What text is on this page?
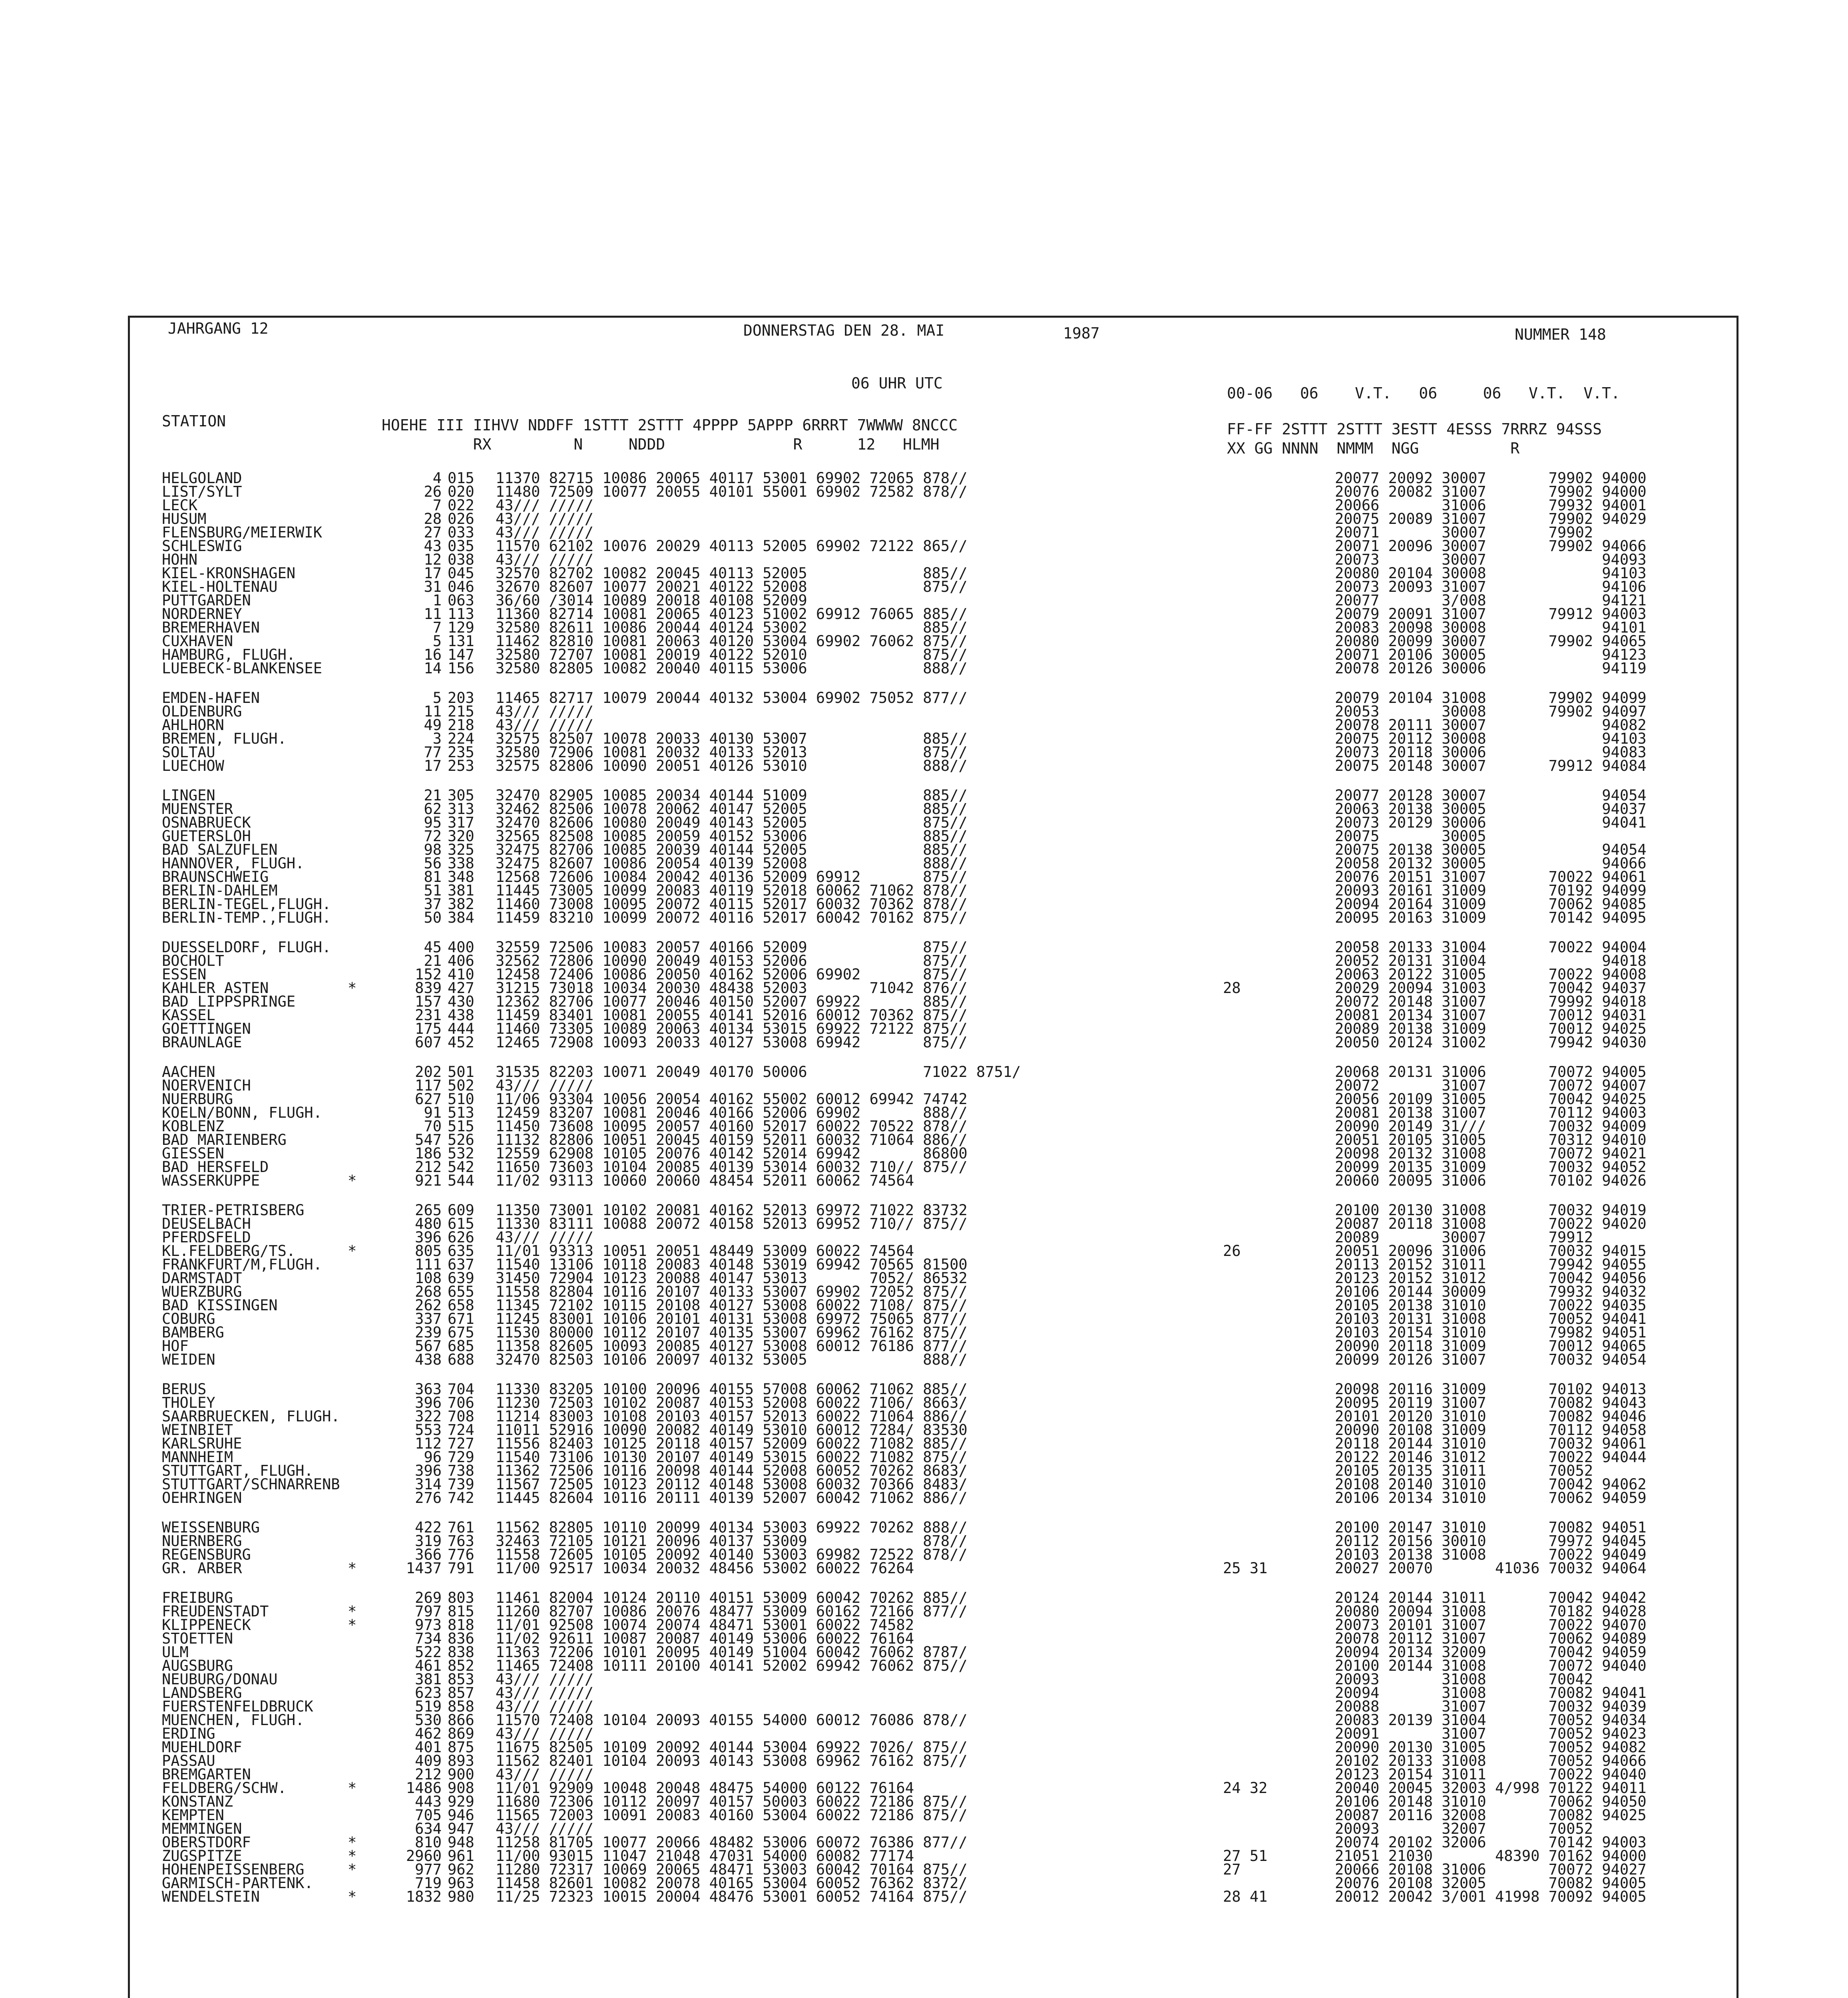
JAHRGANG 12	DONNERSTAG DEN 28. MAI	1987	NUMMER 148
06 UHR UTC
00-06   06    V.T.   06     06   V.T.  V.T.
STATION	HOEHE III IIHVV NDDFF 1STTT 2STTT 4PPPP 5APPP 6RRRT 7WWWW 8NCCC
RX         N     NDDD              R      12   HLMH
FF-FF 2STTT 2STTT 3ESTT 4ESSS 7RRRZ 94SSS
XX GG NNNN  NMMM  NGG          R
HELGOLAND	4 015 11370 82715 10086 20065 40117 53001 69902 72065 878//	20077 20092 30007       79902 94000
LIST/SYLT	26 020 11480 72509 10077 20055 40101 55001 69902 72582 878//	20076 20082 31007       79902 94000
LECK	7 022 43/// /////	20066       31006       79932 94001
HUSUM	28 026 43/// /////	20075 20089 31007       79902 94029
FLENSBURG/MEIERWIK	27 033 43/// /////	20071       30007       79902
SCHLESWIG	43 035 11570 62102 10076 20029 40113 52005 69902 72122 865//	20071 20096 30007       79902 94066
HOHN	12 038 43/// /////	20073       30007             94093
KIEL-KRONSHAGEN	17 045 32570 82702 10082 20045 40113 52005             885//	20080 20104 30008             94103
KIEL-HOLTENAU	31 046 32670 82607 10077 20021 40122 52008             875//	20073 20093 31007             94106
PUTTGARDEN	1 063 36/60 /3014 10089 20018 40108 52009	20077       3/008             94121
NORDERNEY	11 113 11360 82714 10081 20065 40123 51002 69912 76065 885//	20079 20091 31007       79912 94003
BREMERHAVEN	7 129 32580 82611 10086 20044 40124 53002             885//	20083 20098 30008             94101
CUXHAVEN	5 131 11462 82810 10081 20063 40120 53004 69902 76062 875//	20080 20099 30007       79902 94065
HAMBURG, FLUGH.	16 147 32580 72707 10081 20019 40122 52010             875//	20071 20106 30005             94123
LUEBECK-BLANKENSEE	14 156 32580 82805 10082 20040 40115 53006             888//	20078 20126 30006             94119
EMDEN-HAFEN	5 203 11465 82717 10079 20044 40132 53004 69902 75052 877//	20079 20104 31008       79902 94099
OLDENBURG	11 215 43/// /////	20053       30008       79902 94097
AHLHORN	49 218 43/// /////	20078 20111 30007             94082
BREMEN, FLUGH.	3 224 32575 82507 10078 20033 40130 53007             885//	20075 20112 30008             94103
SOLTAU	77 235 32580 72906 10081 20032 40133 52013             875//	20073 20118 30006             94083
LUECHOW	17 253 32575 82806 10090 20051 40126 53010             888//	20075 20148 30007       79912 94084
LINGEN	21 305 32470 82905 10085 20034 40144 51009             885//	20077 20128 30007             94054
MUENSTER	62 313 32462 82506 10078 20062 40147 52005             885//	20063 20138 30005             94037
OSNABRUECK	95 317 32470 82606 10080 20049 40143 52005             875//	20073 20129 30006             94041
GUETERSLOH	72 320 32565 82508 10085 20059 40152 53006             885//	20075       30005
BAD SALZUFLEN	98 325 32475 82706 10085 20039 40144 52005             885//	20075 20138 30005             94054
HANNOVER, FLUGH.	56 338 32475 82607 10086 20054 40139 52008             888//	20058 20132 30005             94066
BRAUNSCHWEIG	81 348 12568 72606 10084 20042 40136 52009 69912       875//	20076 20151 31007       70022 94061
BERLIN-DAHLEM	51 381 11445 73005 10099 20083 40119 52018 60062 71062 878//	20093 20161 31009       70192 94099
BERLIN-TEGEL,FLUGH.	37 382 11460 73008 10095 20072 40115 52017 60032 70362 878//	20094 20164 31009       70062 94085
BERLIN-TEMP.,FLUGH.	50 384 11459 83210 10099 20072 40116 52017 60042 70162 875//	20095 20163 31009       70142 94095
DUESSELDORF, FLUGH.	45 400 32559 72506 10083 20057 40166 52009             875//	20058 20133 31004       70022 94004
BOCHOLT	21 406 32562 72806 10090 20049 40153 52006             875//	20052 20131 31004             94018
ESSEN	152 410 12458 72406 10086 20050 40162 52006 69902       875//	20063 20122 31005       70022 94008
KAHLER ASTEN	*	839 427 31215 73018 10034 20030 48438 52003       71042 876//	28	20029 20094 31003       70042 94037
BAD LIPPSPRINGE	157 430 12362 82706 10077 20046 40150 52007 69922       885//	20072 20148 31007       79992 94018
KASSEL	231 438 11459 83401 10081 20055 40141 52016 60012 70362 875//	20081 20134 31007       70012 94031
GOETTINGEN	175 444 11460 73305 10089 20063 40134 53015 69922 72122 875//	20089 20138 31009       70012 94025
BRAUNLAGE	607 452 12465 72908 10093 20033 40127 53008 69942       875//	20050 20124 31002       79942 94030
AACHEN	202 501 31535 82203 10071 20049 40170 50006             71022 8751/	20068 20131 31006       70072 94005
NOERVENICH	117 502 43/// /////	20072       31007       70072 94007
NUERBURG	627 510 11/06 93304 10056 20054 40162 55002 60012 69942 74742	20056 20109 31005       70042 94025
KOELN/BONN, FLUGH.	91 513 12459 83207 10081 20046 40166 52006 69902       888//	20081 20138 31007       70112 94003
KOBLENZ	70 515 11450 73608 10095 20057 40160 52017 60022 70522 878//	20090 20149 31///       70032 94009
BAD MARIENBERG	547 526 11132 82806 10051 20045 40159 52011 60032 71064 886//	20051 20105 31005       70312 94010
GIESSEN	186 532 12559 62908 10105 20076 40142 52014 69942       86800	20098 20132 31008       70072 94021
BAD HERSFELD	212 542 11650 73603 10104 20085 40139 53014 60032 710// 875//	20099 20135 31009       70032 94052
WASSERKUPPE	*	921 544 11/02 93113 10060 20060 48454 52011 60062 74564	20060 20095 31006       70102 94026
TRIER-PETRISBERG	265 609 11350 73001 10102 20081 40162 52013 69972 71022 83732	20100 20130 31008       70032 94019
DEUSELBACH	480 615 11330 83111 10088 20072 40158 52013 69952 710// 875//	20087 20118 31008       70022 94020
PFERDSFELD	396 626 43/// /////	20089       30007       79912
KL.FELDBERG/TS.	*	805 635 11/01 93313 10051 20051 48449 53009 60022 74564	26	20051 20096 31006       70032 94015
FRANKFURT/M,FLUGH.	111 637 11540 13106 10118 20083 40148 53019 69942 70565 81500	20113 20152 31011       79942 94055
DARMSTADT	108 639 31450 72904 10123 20088 40147 53013       7052/ 86532	20123 20152 31012       70042 94056
WUERZBURG	268 655 11558 82804 10116 20107 40133 53007 69902 72052 875//	20106 20144 30009       79932 94032
BAD KISSINGEN	262 658 11345 72102 10115 20108 40127 53008 60022 7108/ 875//	20105 20138 31010       70022 94035
COBURG	337 671 11245 83001 10106 20101 40131 53008 69972 75065 877//	20103 20131 31008       70052 94041
BAMBERG	239 675 11530 80000 10112 20107 40135 53007 69962 76162 875//	20103 20154 31010       79982 94051
HOF	567 685 11358 82605 10093 20085 40127 53008 60012 76186 877//	20090 20118 31009       70012 94065
WEIDEN	438 688 32470 82503 10106 20097 40132 53005             888//	20099 20126 31007       70032 94054
BERUS	363 704 11330 83205 10100 20096 40155 57008 60062 71062 885//	20098 20116 31009       70102 94013
THOLEY	396 706 11230 72503 10102 20087 40153 52008 60022 7106/ 8663/	20095 20119 31007       70082 94043
SAARBRUECKEN, FLUGH.	322 708 11214 83003 10108 20103 40157 52013 60022 71064 886//	20101 20120 31010       70082 94046
WEINBIET	553 724 11011 52916 10090 20082 40149 53010 60012 7284/ 83530	20090 20108 31009       70112 94058
KARLSRUHE	112 727 11556 82403 10125 20118 40157 52009 60022 71082 885//	20118 20144 31010       70032 94061
MANNHEIM	96 729 11540 73106 10130 20107 40149 53015 60022 71082 875//	20122 20146 31012       70022 94044
STUTTGART, FLUGH.	396 738 11362 72506 10116 20098 40144 52008 60052 70262 8683/	20105 20135 31011       70052
STUTTGART/SCHNARRENB	314 739 11567 72505 10123 20112 40148 53008 60032 70366 8483/	20108 20140 31010       70042 94062
OEHRINGEN	276 742 11445 82604 10116 20111 40139 52007 60042 71062 886//	20106 20134 31010       70062 94059
WEISSENBURG	422 761 11562 82805 10110 20099 40134 53003 69922 70262 888//	20100 20147 31010       70082 94051
NUERNBERG	319 763 32463 72105 10121 20096 40137 53009             878//	20112 20156 30010       79972 94045
REGENSBURG	366 776 11558 72605 10105 20092 40140 53003 69982 72522 878//	20103 20138 31008       70022 94049
GR. ARBER	*	1437 791 11/00 92517 10034 20032 48456 53002 60022 76264	25 31	20027 20070       41036 70032 94064
FREIBURG	269 803 11461 82004 10124 20110 40151 53009 60042 70262 885//	20124 20144 31011       70042 94042
FREUDENSTADT	*	797 815 11260 82707 10086 20076 48477 53009 60162 72166 877//	20080 20094 31008       70182 94028
KLIPPENECK	*	973 818 11/01 92508 10074 20074 48471 53001 60022 74582	20073 20101 31007       70022 94070
STOETTEN	734 836 11/02 92611 10087 20087 40149 53006 60022 76164	20078 20112 31007       70062 94089
ULM	522 838 11363 72206 10101 20095 40149 51004 60042 76062 8787/	20094 20134 32009       70042 94059
AUGSBURG	461 852 11465 72408 10111 20100 40141 52002 69942 76062 875//	20100 20144 31008       70072 94040
NEUBURG/DONAU	381 853 43/// /////	20093       31008       70042
LANDSBERG	623 857 43/// /////	20094       31008       70082 94041
FUERSTENFELDBRUCK	519 858 43/// /////	20088       31007       70032 94039
MUENCHEN, FLUGH.	530 866 11570 72408 10104 20093 40155 54000 60012 76086 878//	20083 20139 31004       70052 94034
ERDING	462 869 43/// /////	20091       31007       70052 94023
MUEHLDORF	401 875 11675 82505 10109 20092 40144 53004 69922 7026/ 875//	20090 20130 31005       70052 94082
PASSAU	409 893 11562 82401 10104 20093 40143 53008 69962 76162 875//	20102 20133 31008       70052 94066
BREMGARTEN	212 900 43/// /////	20123 20154 31011       70022 94040
FELDBERG/SCHW.	*	1486 908 11/01 92909 10048 20048 48475 54000 60122 76164	24 32	20040 20045 32003 4/998 70122 94011
KONSTANZ	443 929 11680 72306 10112 20097 40157 50003 60022 72186 875//	20106 20148 31010       70062 94050
KEMPTEN	705 946 11565 72003 10091 20083 40160 53004 60022 72186 875//	20087 20116 32008       70082 94025
MEMMINGEN	634 947 43/// /////	20093       32007       70052
OBERSTDORF	*	810 948 11258 81705 10077 20066 48482 53006 60072 76386 877//	20074 20102 32006       70142 94003
ZUGSPITZE	*	2960 961 11/00 93015 11047 21048 47031 54000 60082 77174	27 51	21051 21030       48390 70162 94000
HOHENPEISSENBERG	*	977 962 11280 72317 10069 20065 48471 53003 60042 70164 875//	27	20066 20108 31006       70072 94027
GARMISCH-PARTENK.	719 963 11458 82601 10082 20078 40165 53004 60052 76362 8372/	20076 20108 32005       70082 94005
WENDELSTEIN	*	1832 980 11/25 72323 10015 20004 48476 53001 60052 74164 875//	28 41	20012 20042 3/001 41998 70092 94005
